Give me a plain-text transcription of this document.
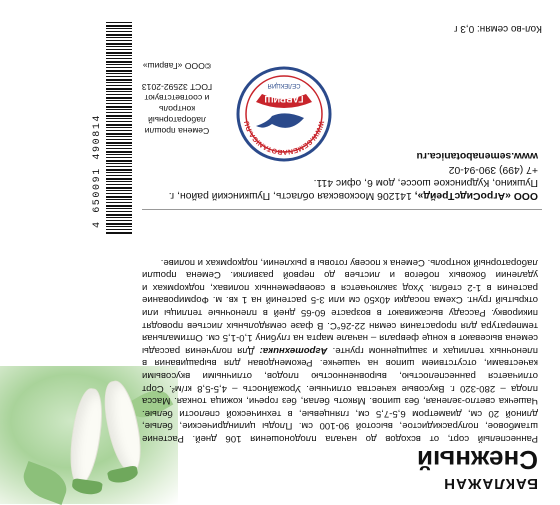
БАКЛАЖАН

Снежный

Раннеспелый сорт, от всходов до начала плодоношения 106 дней. Растение штамбовое, полураскидистое, высотой 90-100 см. Плоды цилиндрические, белые, длиной 20 см, диаметром 6,5-7,5 см, глянцевые, в технической спелости белые. Чашечка светло-зеленая, без шипов. Мякоть белая, без горечи, кожица тонкая. Масса плода – 280-320 г. Вкусовые качества отличные. Урожайность – 4,5-5,8 кг/м². Сорт отличается раннеспелостью, выровненностью плодов, отличными вкусовыми качествами, отсутствием шипов на чашечке. Рекомендован для выращивания в пленочных теплицах и защищенном грунте. Агротехника: Для получения рассады семена высевают в конце февраля – начале марта на глубину 1,0-1,5 см. Оптимальная температура для прорастания семян 22-26°С. В фазе семядольных листьев проводят пикировку. Рассаду высаживают в возрасте 60-65 дней в пленочные теплицы или открытый грунт. Схема посадки 40х50 см или 3-5 растений на 1 кв. м. Формирование растения в 1-2 стебля. Уход заключается в своевременных поливах, подкормках и удалении боковых побегов и листьев до первой развилки. Семена прошли лабораторный контроль. Семена к посеву готовы в рыхлении, подкормках и поливе.

ООО «АгроСидсТрейд», 141206 Московская область, Пушкинский район, г. Пушкино, Кудринское шоссе, дом 6, офис 411.
+7 (499) 390-94-02
www.semenabotanica.ru

WWW.SEMENABOTANICA.RU
ГАВРИШ
СЕЛЕКЦИЯ
Семена прошли лабораторный контроль
и соответствуют ГОСТ 32592-2013
©ООО «Гавриш»
4 650091 490814
Кол-во семян: 0,3 г
